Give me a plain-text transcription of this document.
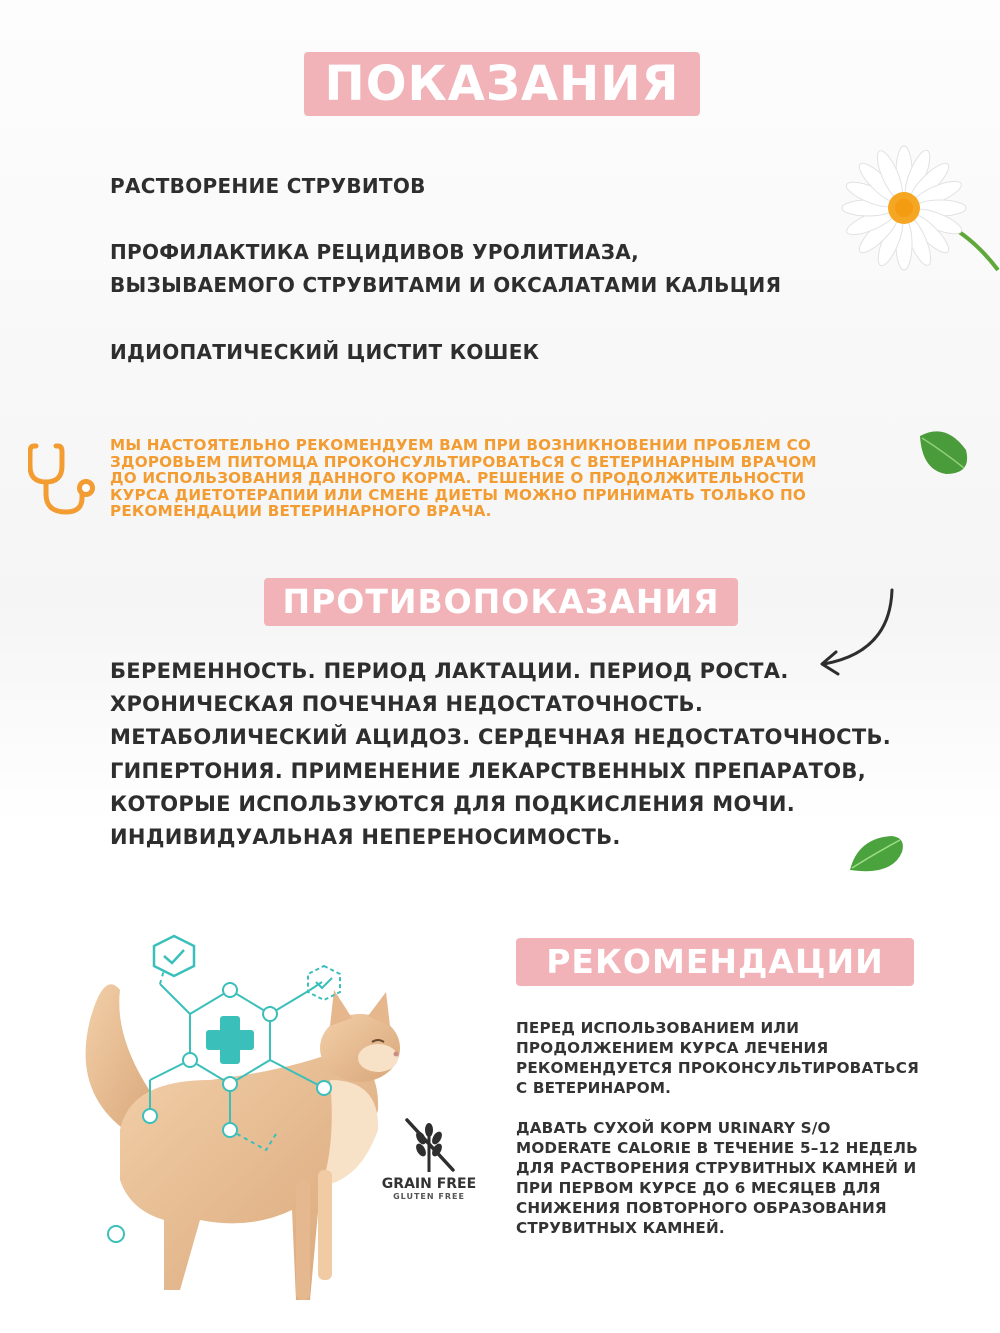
ПОКАЗАНИЯ
ПРОТИВОПОКАЗАНИЯ
РЕКОМЕНДАЦИИ
РАСТВОРЕНИЕ СТРУВИТОВ
ПРОФИЛАКТИКА РЕЦИДИВОВ УРОЛИТИАЗА,
ВЫЗЫВАЕМОГО СТРУВИТАМИ И ОКСАЛАТАМИ КАЛЬЦИЯ
ИДИОПАТИЧЕСКИЙ ЦИСТИТ КОШЕК
МЫ НАСТОЯТЕЛЬНО РЕКОМЕНДУЕМ ВАМ ПРИ ВОЗНИКНОВЕНИИ ПРОБЛЕМ СО
ЗДОРОВЬЕМ ПИТОМЦА ПРОКОНСУЛЬТИРОВАТЬСЯ С ВЕТЕРИНАРНЫМ ВРАЧОМ
ДО ИСПОЛЬЗОВАНИЯ ДАННОГО КОРМА. РЕШЕНИЕ О ПРОДОЛЖИТЕЛЬНОСТИ
КУРСА ДИЕТОТЕРАПИИ ИЛИ СМЕНЕ ДИЕТЫ МОЖНО ПРИНИМАТЬ ТОЛЬКО ПО
РЕКОМЕНДАЦИИ ВЕТЕРИНАРНОГО ВРАЧА.
БЕРЕМЕННОСТЬ. ПЕРИОД ЛАКТАЦИИ. ПЕРИОД РОСТА.
ХРОНИЧЕСКАЯ ПОЧЕЧНАЯ НЕДОСТАТОЧНОСТЬ.
МЕТАБОЛИЧЕСКИЙ АЦИДОЗ. СЕРДЕЧНАЯ НЕДОСТАТОЧНОСТЬ.
ГИПЕРТОНИЯ. ПРИМЕНЕНИЕ ЛЕКАРСТВЕННЫХ ПРЕПАРАТОВ,
КОТОРЫЕ ИСПОЛЬЗУЮТСЯ ДЛЯ ПОДКИСЛЕНИЯ МОЧИ.
ИНДИВИДУАЛЬНАЯ НЕПЕРЕНОСИМОСТЬ.
GRAIN FREE
GLUTEN FREE
ПЕРЕД ИСПОЛЬЗОВАНИЕМ ИЛИ
ПРОДОЛЖЕНИЕМ КУРСА ЛЕЧЕНИЯ
РЕКОМЕНДУЕТСЯ ПРОКОНСУЛЬТИРОВАТЬСЯ
С ВЕТЕРИНАРОМ.
ДАВАТЬ СУХОЙ КОРМ URINARY S/O
MODERATE CALORIE В ТЕЧЕНИЕ 5–12 НЕДЕЛЬ
ДЛЯ РАСТВОРЕНИЯ СТРУВИТНЫХ КАМНЕЙ И
ПРИ ПЕРВОМ КУРСЕ ДО 6 МЕСЯЦЕВ ДЛЯ
СНИЖЕНИЯ ПОВТОРНОГО ОБРАЗОВАНИЯ
СТРУВИТНЫХ КАМНЕЙ.
